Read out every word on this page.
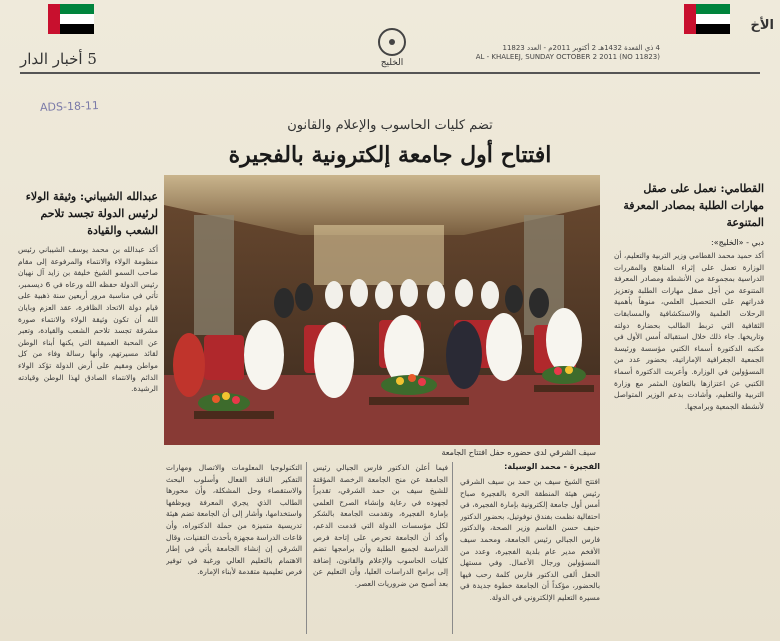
5 أخبار الدار
الأخ
4 ذي القعدة 1432هـ 2 أكتوبر 2011م - العدد 11823
AL - KHALEEJ, SUNDAY OCTOBER 2 2011 (NO 11823)
الخليج
ADS-18-11
تضم كليات الحاسوب والإعلام والقانون
افتتاح أول جامعة إلكترونية بالفجيرة
سيف الشرقي لدى حضوره حفل افتتاح الجامعة
الفجيرة - محمد الوسيلة:
افتتح الشيخ سيف بن حمد بن سيف الشرقي رئيس هيئة المنطقة الحرة بالفجيرة صباح أمس أول جامعة إلكترونية بإمارة الفجيرة، في احتفالية نظمت بفندق نوفوتيل، بحضور الدكتور حنيف حسن القاسم وزير الصحة، والدكتور فارس الجبالي رئيس الجامعة، ومحمد سيف الأفخم مدير عام بلدية الفجيرة، وعدد من المسؤولين ورجال الأعمال. وفي مستهل الحفل ألقى الدكتور فارس كلمة رحب فيها بالحضور، مؤكداً أن الجامعة خطوة جديدة في مسيرة التعليم الإلكتروني في الدولة.
فيما أعلن الدكتور فارس الجبالي رئيس الجامعة عن منح الجامعة الرخصة المؤقتة للشيخ سيف بن حمد الشرقي، تقديراً لجهوده في رعاية وإنشاء الصرح العلمي بإمارة الفجيرة، وتقدمت الجامعة بالشكر لكل مؤسسات الدولة التي قدمت الدعم، وأكد أن الجامعة تحرص على إتاحة فرص الدراسة لجميع الطلبة وأن برامجها تضم كليات الحاسوب والإعلام والقانون، إضافة إلى برامج الدراسات العليا، وأن التعليم عن بعد أصبح من ضروريات العصر.
التكنولوجيا المعلومات والاتصال ومهارات التفكير الناقد الفعال وأسلوب البحث والاستقصاء وحل المشكلة، وأن محورها الطالب الذي يجري المعرفة ويوظفها واستخدامها، وأشار إلى أن الجامعة تضم هيئة تدريسية متميزة من حملة الدكتوراه، وأن قاعات الدراسة مجهزة بأحدث التقنيات، وقال الشرقي إن إنشاء الجامعة يأتي في إطار الاهتمام بالتعليم العالي ورغبة في توفير فرص تعليمية متقدمة لأبناء الإمارة.
القطامي: نعمل على صقل مهارات الطلبة بمصادر المعرفة المتنوعة
دبي - «الخليج»:
أكد حميد محمد القطامي وزير التربية والتعليم، أن الوزارة تعمل على إثراء المناهج والمقررات الدراسية بمجموعة من الأنشطة ومصادر المعرفة المتنوعة من أجل صقل مهارات الطلبة وتعزيز قدراتهم على التحصيل العلمي، منوهاً بأهمية الرحلات العلمية والاستكشافية والمسابقات الثقافية التي تربط الطالب بحضارة دولته وتاريخها. جاء ذلك خلال استقباله أمس الأول في مكتبه الدكتورة أسماء الكتبي مؤسسة ورئيسة الجمعية الجغرافية الإماراتية، بحضور عدد من المسؤولين في الوزارة. وأعربت الدكتورة أسماء الكتبي عن اعتزازها بالتعاون المثمر مع وزارة التربية والتعليم، وأشادت بدعم الوزير المتواصل لأنشطة الجمعية وبرامجها.
عبدالله الشيباني: وثيقة الولاء لرئيس الدولة تجسد تلاحم الشعب والقيادة
أكد عبدالله بن محمد يوسف الشيباني رئيس منظومة الولاء والانتماء والمرفوعة إلى مقام صاحب السمو الشيخ خليفة بن زايد آل نهيان رئيس الدولة حفظه الله ورعاه في 6 ديسمبر، تأتي في مناسبة مرور أربعين سنة ذهبية على قيام دولة الاتحاد الظافرة، عقد العزم وبايان الله أن تكون وثيقة الولاء والانتماء صورة مشرقة تجسد تلاحم الشعب والقيادة، وتعبر عن المحبة العميقة التي يكنها أبناء الوطن لقائد مسيرتهم، وأنها رسالة وفاء من كل مواطن ومقيم على أرض الدولة تؤكد الولاء الدائم والانتماء الصادق لهذا الوطن وقيادته الرشيدة.
